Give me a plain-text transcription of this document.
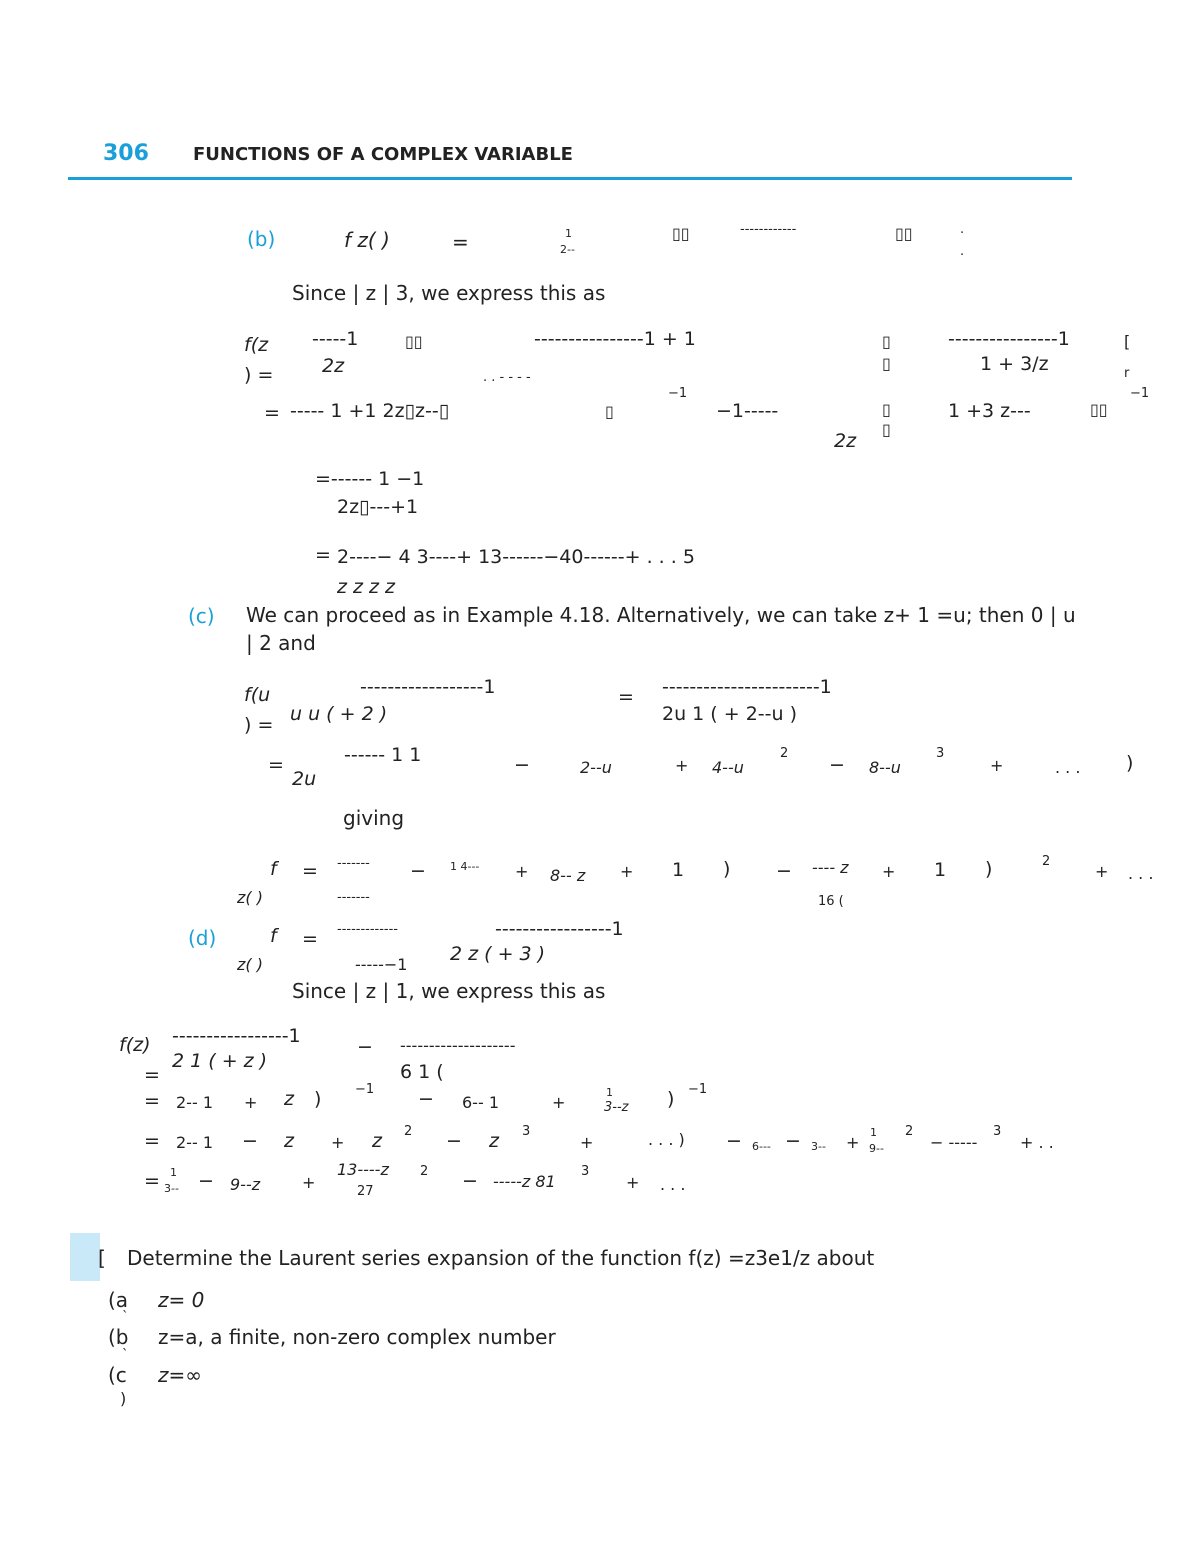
306 FUNCTIONS OF A COMPLEX VARIABLE
(b)	f z( )	=	1
2--
▯▯	------------	▯▯	·
·
Since | z | 3, we express this as
f(z
) =
-----1
2z
▯▯	----------------1 + 1
. . - - - -
▯
▯
----------------1
1 + 3/z
[
r
−1
= ----- 1 +1 2z▯z--▯	▯	−1-----	▯
▯
1 +3 z---	▯▯
−1
2z
=------ 1 −1
2z▯---+1
= 2----− 4 3----+ 13------−40------+ . . . 5
z z z z
(c) We can proceed as in Example 4.18. Alternatively, we can take z+ 1 =u; then 0 | u
| 2 and
f(u
) =
------------------1
u u ( + 2 )
= -----------------------1
2u 1 ( + 2--u )
=	------ 1 1
2u
−	2--u	+ 4--u
2
− 8--u
3
+	. . . )
giving
f =
z( )
-------
-------
− 1 4--- + 8-- z + 1 ) − ---- z
16 (
+ 1 )	2
+ . . .
(d)	f =
z( )
-------------
-----−1
-----------------1
2 z ( + 3 )
Since | z | 1, we express this as
f(z) -----------------1	− --------------------
=
2 1 ( + z )	6 1 (
= 2-- 1 + z )	−1 − 6-- 1	+
1
3--z ) −1
= 2-- 1 − z + z 2 − z 3
+	. . . ) − 6--- − 3-- +
1
9--
2
− -----
3
+ . .
= 1
3-- − 9--z	+
13----z
27
2 − -----z 81
3
+ . . .
[ Determine the Laurent series expansion of the function f(z) =z3e1/z about
(a
`
z= 0
(b
`
z=a, a finite, non-zero complex number
(c
)
z=∞
